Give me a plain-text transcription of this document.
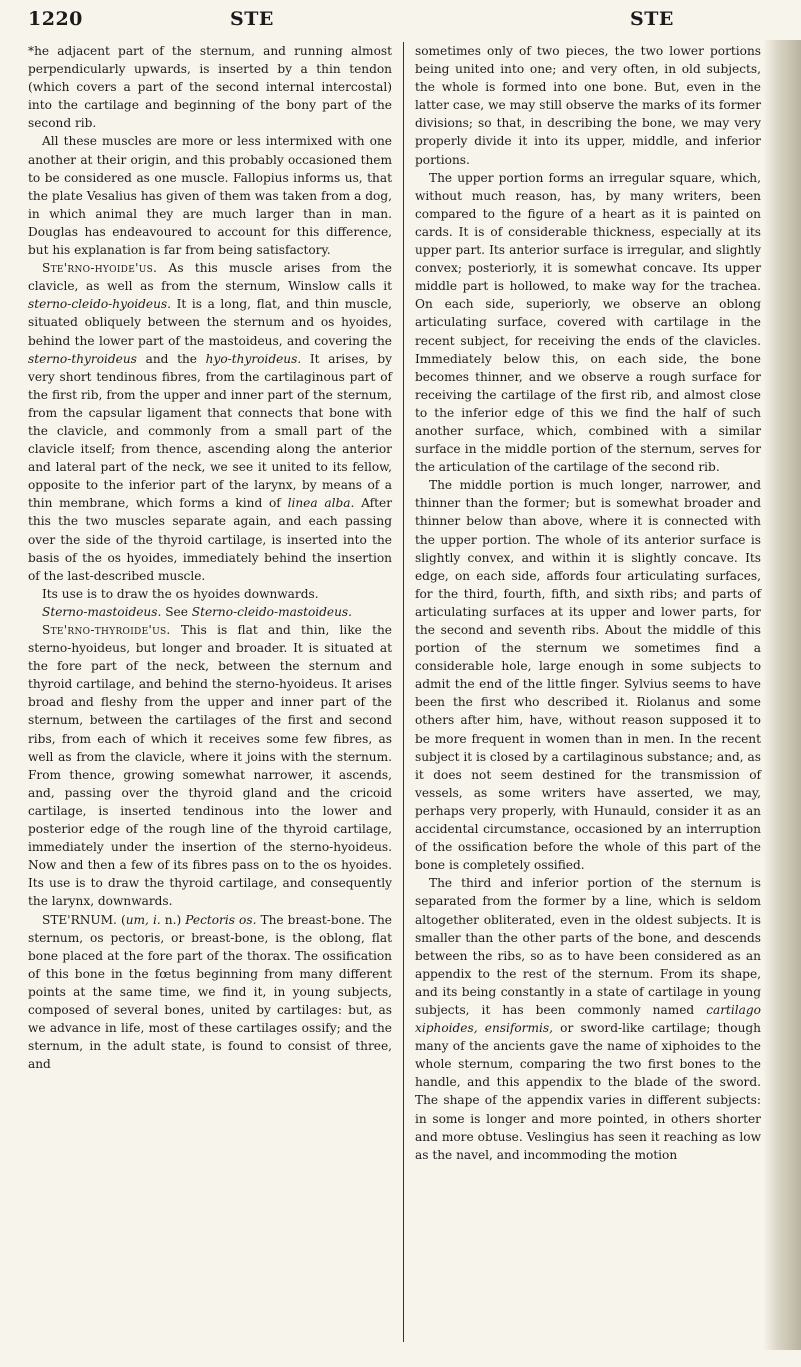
1220	STE	STE

*he adjacent part of the sternum, and running almost perpendicularly upwards, is inserted by a thin tendon (which covers a part of the second internal intercostal) into the cartilage and beginning of the bony part of the second rib.

All these muscles are more or less intermixed with one another at their origin, and this probably occasioned them to be considered as one muscle. Fallopius informs us, that the plate Vesalius has given of them was taken from a dog, in which animal they are much larger than in man. Douglas has endeavoured to account for this difference, but his explanation is far from being satisfactory.

Ste'rno-hyoide'us. As this muscle arises from the clavicle, as well as from the sternum, Winslow calls it sterno-cleido-hyoideus. It is a long, flat, and thin muscle, situated obliquely between the sternum and os hyoides, behind the lower part of the mastoideus, and covering the sterno-thyroideus and the hyo-thyroideus. It arises, by very short tendinous fibres, from the cartilaginous part of the first rib, from the upper and inner part of the sternum, from the capsular ligament that connects that bone with the clavicle, and commonly from a small part of the clavicle itself; from thence, ascending along the anterior and lateral part of the neck, we see it united to its fellow, opposite to the inferior part of the larynx, by means of a thin membrane, which forms a kind of linea alba. After this the two muscles separate again, and each passing over the side of the thyroid cartilage, is inserted into the basis of the os hyoides, immediately behind the insertion of the last-described muscle.

Its use is to draw the os hyoides downwards.

Sterno-mastoideus. See Sterno-cleido-mastoideus.

Ste'rno-thyroide'us. This is flat and thin, like the sterno-hyoideus, but longer and broader. It is situated at the fore part of the neck, between the sternum and thyroid cartilage, and behind the sterno-hyoideus. It arises broad and fleshy from the upper and inner part of the sternum, between the cartilages of the first and second ribs, from each of which it receives some few fibres, as well as from the clavicle, where it joins with the sternum. From thence, growing somewhat narrower, it ascends, and, passing over the thyroid gland and the cricoid cartilage, is inserted tendinous into the lower and posterior edge of the rough line of the thyroid cartilage, immediately under the insertion of the sterno-hyoideus. Now and then a few of its fibres pass on to the os hyoides. Its use is to draw the thyroid cartilage, and consequently the larynx, downwards.

STE'RNUM. (um, i. n.) Pectoris os. The breast-bone. The sternum, os pectoris, or breast-bone, is the oblong, flat bone placed at the fore part of the thorax. The ossification of this bone in the fœtus beginning from many different points at the same time, we find it, in young subjects, composed of several bones, united by cartilages: but, as we advance in life, most of these cartilages ossify; and the sternum, in the adult state, is found to consist of three, and

sometimes only of two pieces, the two lower portions being united into one; and very often, in old subjects, the whole is formed into one bone. But, even in the latter case, we may still observe the marks of its former divisions; so that, in describing the bone, we may very properly divide it into its upper, middle, and inferior portions.

The upper portion forms an irregular square, which, without much reason, has, by many writers, been compared to the figure of a heart as it is painted on cards. It is of considerable thickness, especially at its upper part. Its anterior surface is irregular, and slightly convex; posteriorly, it is somewhat concave. Its upper middle part is hollowed, to make way for the trachea. On each side, superiorly, we observe an oblong articulating surface, covered with cartilage in the recent subject, for receiving the ends of the clavicles. Immediately below this, on each side, the bone becomes thinner, and we observe a rough surface for receiving the cartilage of the first rib, and almost close to the inferior edge of this we find the half of such another surface, which, combined with a similar surface in the middle portion of the sternum, serves for the articulation of the cartilage of the second rib.

The middle portion is much longer, narrower, and thinner than the former; but is somewhat broader and thinner below than above, where it is connected with the upper portion. The whole of its anterior surface is slightly convex, and within it is slightly concave. Its edge, on each side, affords four articulating surfaces, for the third, fourth, fifth, and sixth ribs; and parts of articulating surfaces at its upper and lower parts, for the second and seventh ribs. About the middle of this portion of the sternum we sometimes find a considerable hole, large enough in some subjects to admit the end of the little finger. Sylvius seems to have been the first who described it. Riolanus and some others after him, have, without reason supposed it to be more frequent in women than in men. In the recent subject it is closed by a cartilaginous substance; and, as it does not seem destined for the transmission of vessels, as some writers have asserted, we may, perhaps very properly, with Hunauld, consider it as an accidental circumstance, occasioned by an interruption of the ossification before the whole of this part of the bone is completely ossified.

The third and inferior portion of the sternum is separated from the former by a line, which is seldom altogether obliterated, even in the oldest subjects. It is smaller than the other parts of the bone, and descends between the ribs, so as to have been considered as an appendix to the rest of the sternum. From its shape, and its being constantly in a state of cartilage in young subjects, it has been commonly named cartilago xiphoides, ensiformis, or sword-like cartilage; though many of the ancients gave the name of xiphoides to the whole sternum, comparing the two first bones to the handle, and this appendix to the blade of the sword. The shape of the appendix varies in different subjects: in some is longer and more pointed, in others shorter and more obtuse. Veslingius has seen it reaching as low as the navel, and incommoding the motion
